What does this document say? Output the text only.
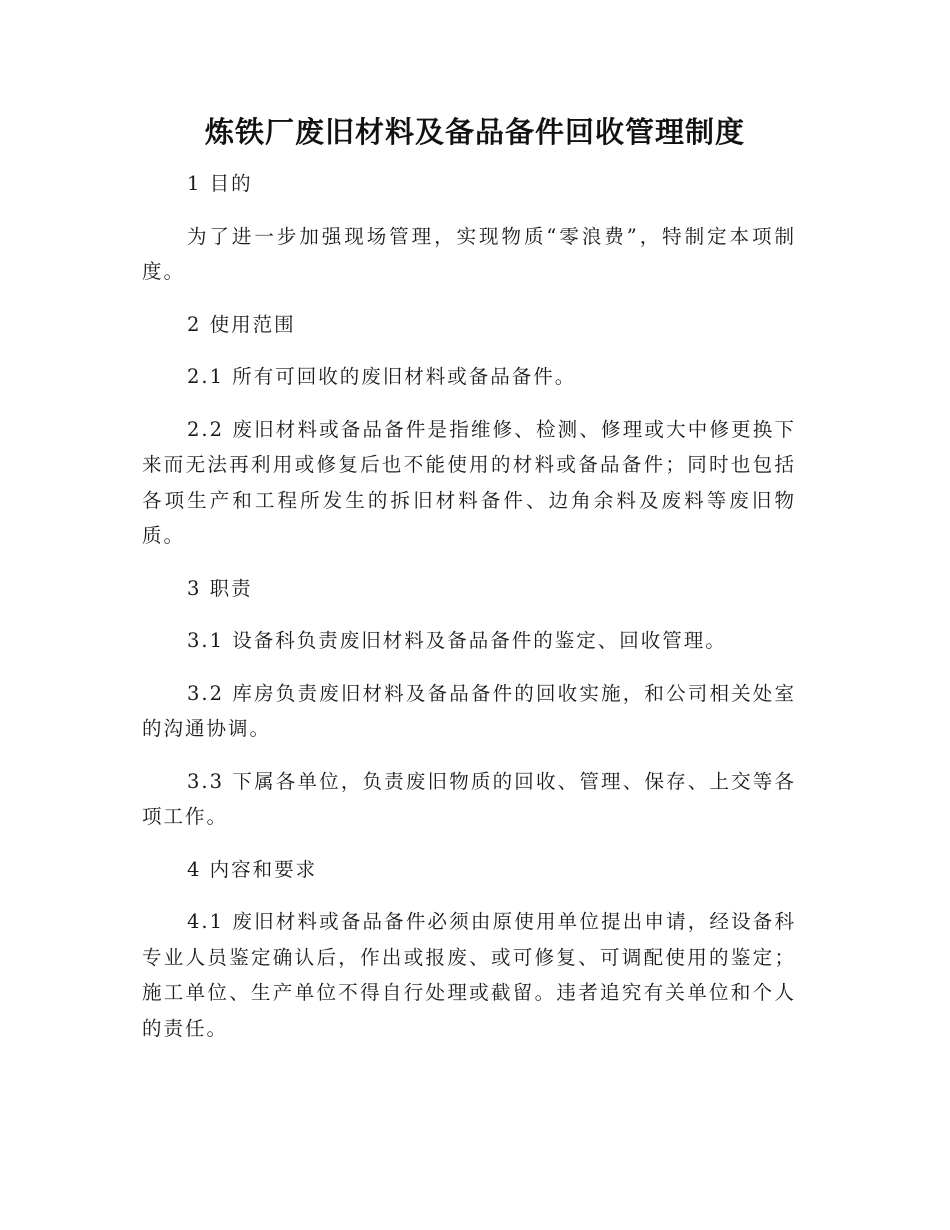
炼铁厂废旧材料及备品备件回收管理制度

1 目的

为了进一步加强现场管理，实现物质“零浪费”，特制定本项制度。

2 使用范围

2.1 所有可回收的废旧材料或备品备件。

2.2 废旧材料或备品备件是指维修、检测、修理或大中修更换下来而无法再利用或修复后也不能使用的材料或备品备件；同时也包括各项生产和工程所发生的拆旧材料备件、边角余料及废料等废旧物质。

3 职责

3.1 设备科负责废旧材料及备品备件的鉴定、回收管理。

3.2 库房负责废旧材料及备品备件的回收实施，和公司相关处室的沟通协调。

3.3 下属各单位，负责废旧物质的回收、管理、保存、上交等各项工作。

4 内容和要求

4.1 废旧材料或备品备件必须由原使用单位提出申请，经设备科专业人员鉴定确认后，作出或报废、或可修复、可调配使用的鉴定；施工单位、生产单位不得自行处理或截留。违者追究有关单位和个人的责任。
